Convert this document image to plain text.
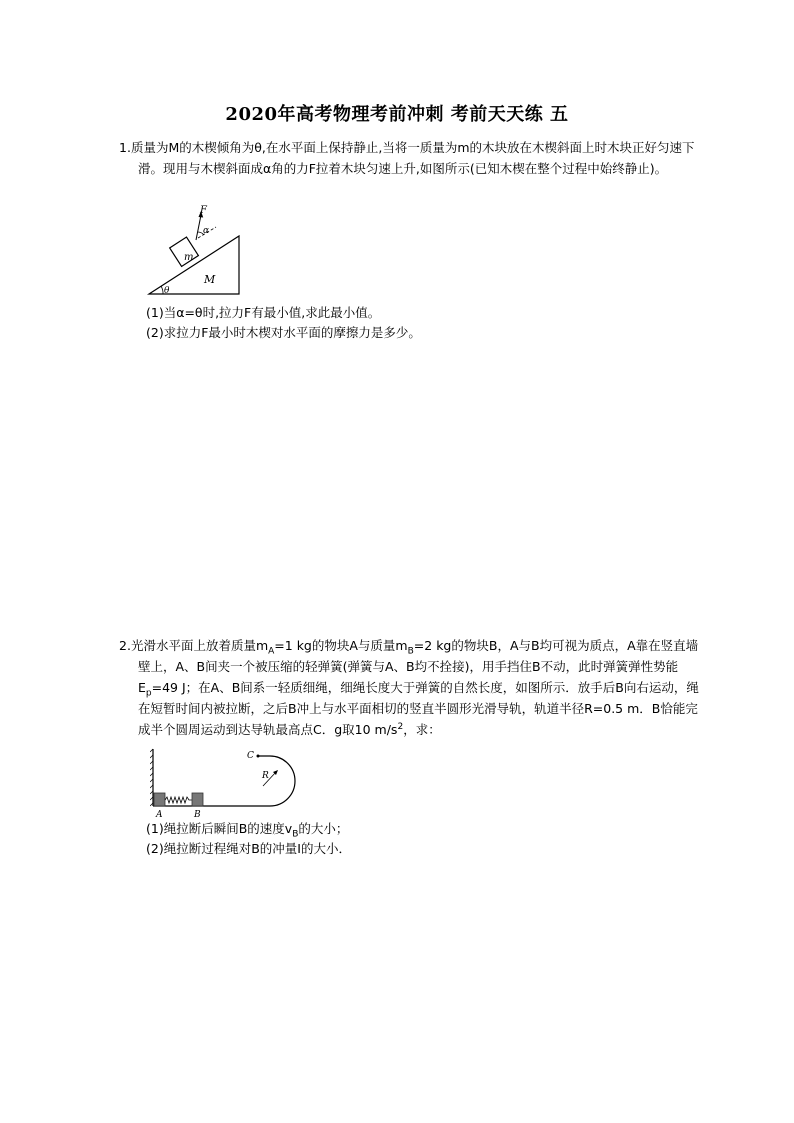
2020年高考物理考前冲刺 考前天天练 五

1.质量为M的木楔倾角为θ,在水平面上保持静止,当将一质量为m的木块放在木楔斜面上时木块正好匀速下滑。现用与木楔斜面成α角的力F拉着木块匀速上升,如图所示(已知木楔在整个过程中始终静止)。

F
α
m
M
θ

(1)当α=θ时,拉力F有最小值,求此最小值。

(2)求拉力F最小时木楔对水平面的摩擦力是多少。

2.光滑水平面上放着质量$m_A=1$ kg的物块A与质量$m_B=2$ kg的物块B，A与B均可视为质点，A靠在竖直墙壁上，A、B间夹一个被压缩的轻弹簧(弹簧与A、B均不拴接)，用手挡住B不动，此时弹簧弹性势能$E_p=49$ J；在A、B间系一轻质细绳，细绳长度大于弹簧的自然长度，如图所示．放手后B向右运动，绳在短暂时间内被拉断，之后B冲上与水平面相切的竖直半圆形光滑导轨，轨道半径R=0.5 m．B恰能完成半个圆周运动到达导轨最高点C．g取10 $m/s^2$，求：

A	B
C
R

(1)绳拉断后瞬间B的速度$v_B$的大小；

(2)绳拉断过程绳对B的冲量I的大小．
